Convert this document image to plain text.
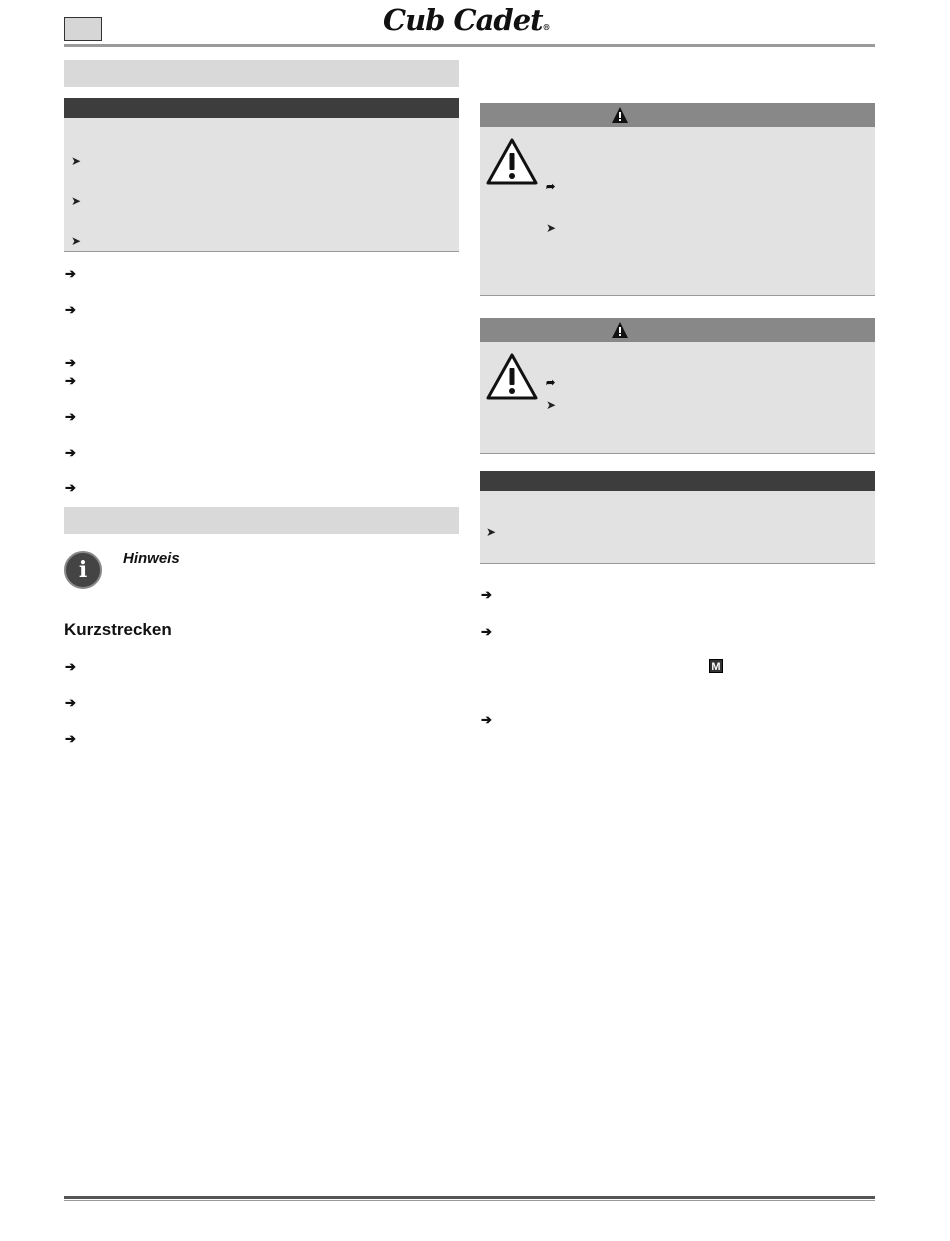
Cub Cadet®
➤
➤
➤
➔
➔
➔
➔
➔
➔
➔
i	Hinweis
Kurzstrecken
➔
➔
➔
➦
➤
➦
➤
➤
➔
➔
M
➔
